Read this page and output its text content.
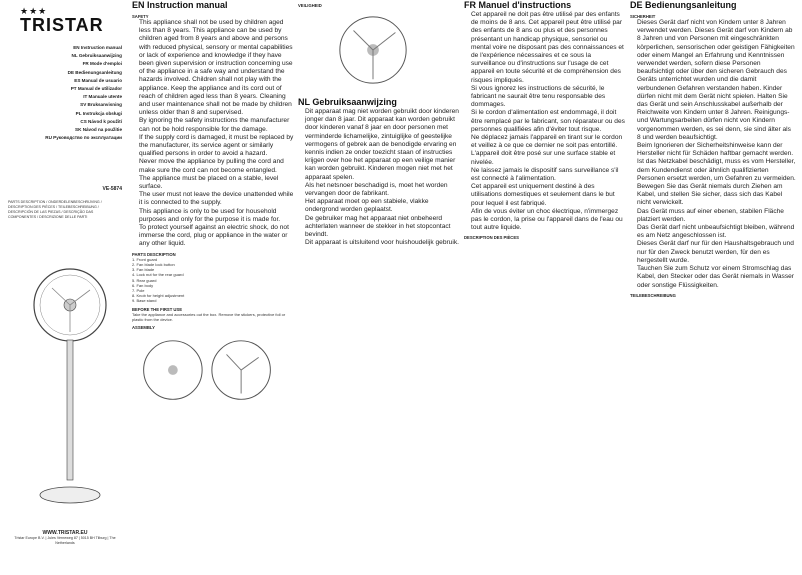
★★★
TRISTAR
EN Instruction manual
NL Gebruiksaanwijzing
FR Mode d'emploi
DE Bedienungsanleitung
ES Manual de usuario
PT Manual de utilizador
IT Manuale utente
SV Bruksanvisning
PL Instrukcja obsługi
CS Návod k použití
SK Návod na použitie
RU Руководство по эксплуатации
VE-5874
PARTS DESCRIPTION / ONDERDELENBESCHRIJVING / DESCRIPTION DES PIÈCES / TEILEBESCHREIBUNG / DESCRIPCIÓN DE LAS PIEZAS / DESCRIÇÃO DAS COMPONENTES / DESCRIZIONE DELLE PARTI
WWW.TRISTAR.EU
Tristar Europe B.V. | Jules Verneweg 87 | 5015 BH Tilburg | The Netherlands
EN Instruction manual
SAFETY
• This appliance shall not be used by children aged less than 8 years. This appliance can be used by children aged from 8 years and above and persons with reduced physical, sensory or mental capabilities or lack of experience and knowledge if they have been given supervision or instruction concerning use of the appliance in a safe way and understand the hazards involved. Children shall not play with the appliance. Keep the appliance and its cord out of reach of children aged less than 8 years. Cleaning and user maintenance shall not be made by children unless older than 8 and supervised.
• By ignoring the safety instructions the manufacturer can not be hold responsible for the damage.
• If the supply cord is damaged, it must be replaced by the manufacturer, its service agent or similarly qualified persons in order to avoid a hazard.
• Never move the appliance by pulling the cord and make sure the cord can not become entangled.
• The appliance must be placed on a stable, level surface.
• The user must not leave the device unattended while it is connected to the supply.
• This appliance is only to be used for household purposes and only for the purpose it is made for.
• To protect yourself against an electric shock, do not immerse the cord, plug or appliance in the water or any other liquid.
PARTS DESCRIPTION
1. Front guard
2. Fan blade lock button
3. Fan blade
4. Lock nut for the rear guard
5. Rear guard
6. Fan body
7. Pole
8. Knob for height adjustment
9. Base stand
BEFORE THE FIRST USE
Take the appliance and accessories out the box. Remove the stickers, protective foil or plastic from the device.
ASSEMBLY
VEILIGHEID
NL Gebruiksaanwijzing
• Dit apparaat mag niet worden gebruikt door kinderen jonger dan 8 jaar. Dit apparaat kan worden gebruikt door kinderen vanaf 8 jaar en door personen met verminderde lichamelijke, zintuiglijke of geestelijke vermogens of gebrek aan de benodigde ervaring en kennis indien ze onder toezicht staan of instructies krijgen over hoe het apparaat op een veilige manier kan worden gebruikt. Kinderen mogen niet met het apparaat spelen.
• Als het netsnoer beschadigd is, moet het worden vervangen door de fabrikant.
• Het apparaat moet op een stabiele, vlakke ondergrond worden geplaatst.
• De gebruiker mag het apparaat niet onbeheerd achterlaten wanneer de stekker in het stopcontact bevindt.
• Dit apparaat is uitsluitend voor huishoudelijk gebruik.
FR Manuel d'instructions
• Cet appareil ne doit pas être utilisé par des enfants de moins de 8 ans. Cet appareil peut être utilisé par des enfants de 8 ans ou plus et des personnes présentant un handicap physique, sensoriel ou mental voire ne disposant pas des connaissances et de l'expérience nécessaires et ce sous la surveillance ou d'instructions sur l'usage de cet appareil en toute sécurité et de compréhension des risques impliqués.
• Si vous ignorez les instructions de sécurité, le fabricant ne saurait être tenu responsable des dommages.
• Si le cordon d'alimentation est endommagé, il doit être remplacé par le fabricant, son réparateur ou des personnes qualifiées afin d'éviter tout risque.
• Ne déplacez jamais l'appareil en tirant sur le cordon et veillez à ce que ce dernier ne soit pas entortillé.
• L'appareil doit être posé sur une surface stable et nivelée.
• Ne laissez jamais le dispositif sans surveillance s'il est connecté à l'alimentation.
• Cet appareil est uniquement destiné à des utilisations domestiques et seulement dans le but pour lequel il est fabriqué.
• Afin de vous éviter un choc électrique, n'immergez pas le cordon, la prise ou l'appareil dans de l'eau ou tout autre liquide.
DESCRIPTION DES PIÈCES
DE Bedienungsanleitung
SICHERHEIT
• Dieses Gerät darf nicht von Kindern unter 8 Jahren verwendet werden. Dieses Gerät darf von Kindern ab 8 Jahren und von Personen mit eingeschränkten körperlichen, sensorischen oder geistigen Fähigkeiten oder einem Mangel an Erfahrung und Kenntnissen verwendet werden, sofern diese Personen beaufsichtigt oder über den sicheren Gebrauch des Geräts unterrichtet wurden und die damit verbundenen Gefahren verstanden haben. Kinder dürfen nicht mit dem Gerät nicht spielen. Halten Sie das Gerät und sein Anschlusskabel außerhalb der Reichweite von Kindern unter 8 Jahren. Reinigungs- und Wartungsarbeiten dürfen nicht von Kindern vorgenommen werden, es sei denn, sie sind älter als 8 und werden beaufsichtigt.
• Beim Ignorieren der Sicherheitshinweise kann der Hersteller nicht für Schäden haftbar gemacht werden.
• Ist das Netzkabel beschädigt, muss es vom Hersteller, dem Kundendienst oder ähnlich qualifizierten Personen ersetzt werden, um Gefahren zu vermeiden.
• Bewegen Sie das Gerät niemals durch Ziehen am Kabel, und stellen Sie sicher, dass sich das Kabel nicht verwickelt.
• Das Gerät muss auf einer ebenen, stabilen Fläche platziert werden.
• Das Gerät darf nicht unbeaufsichtigt bleiben, während es am Netz angeschlossen ist.
• Dieses Gerät darf nur für den Haushaltsgebrauch und nur für den Zweck benutzt werden, für den es hergestellt wurde.
• Tauchen Sie zum Schutz vor einem Stromschlag das Kabel, den Stecker oder das Gerät niemals in Wasser oder sonstige Flüssigkeiten.
TEILEBESCHREIBUNG
